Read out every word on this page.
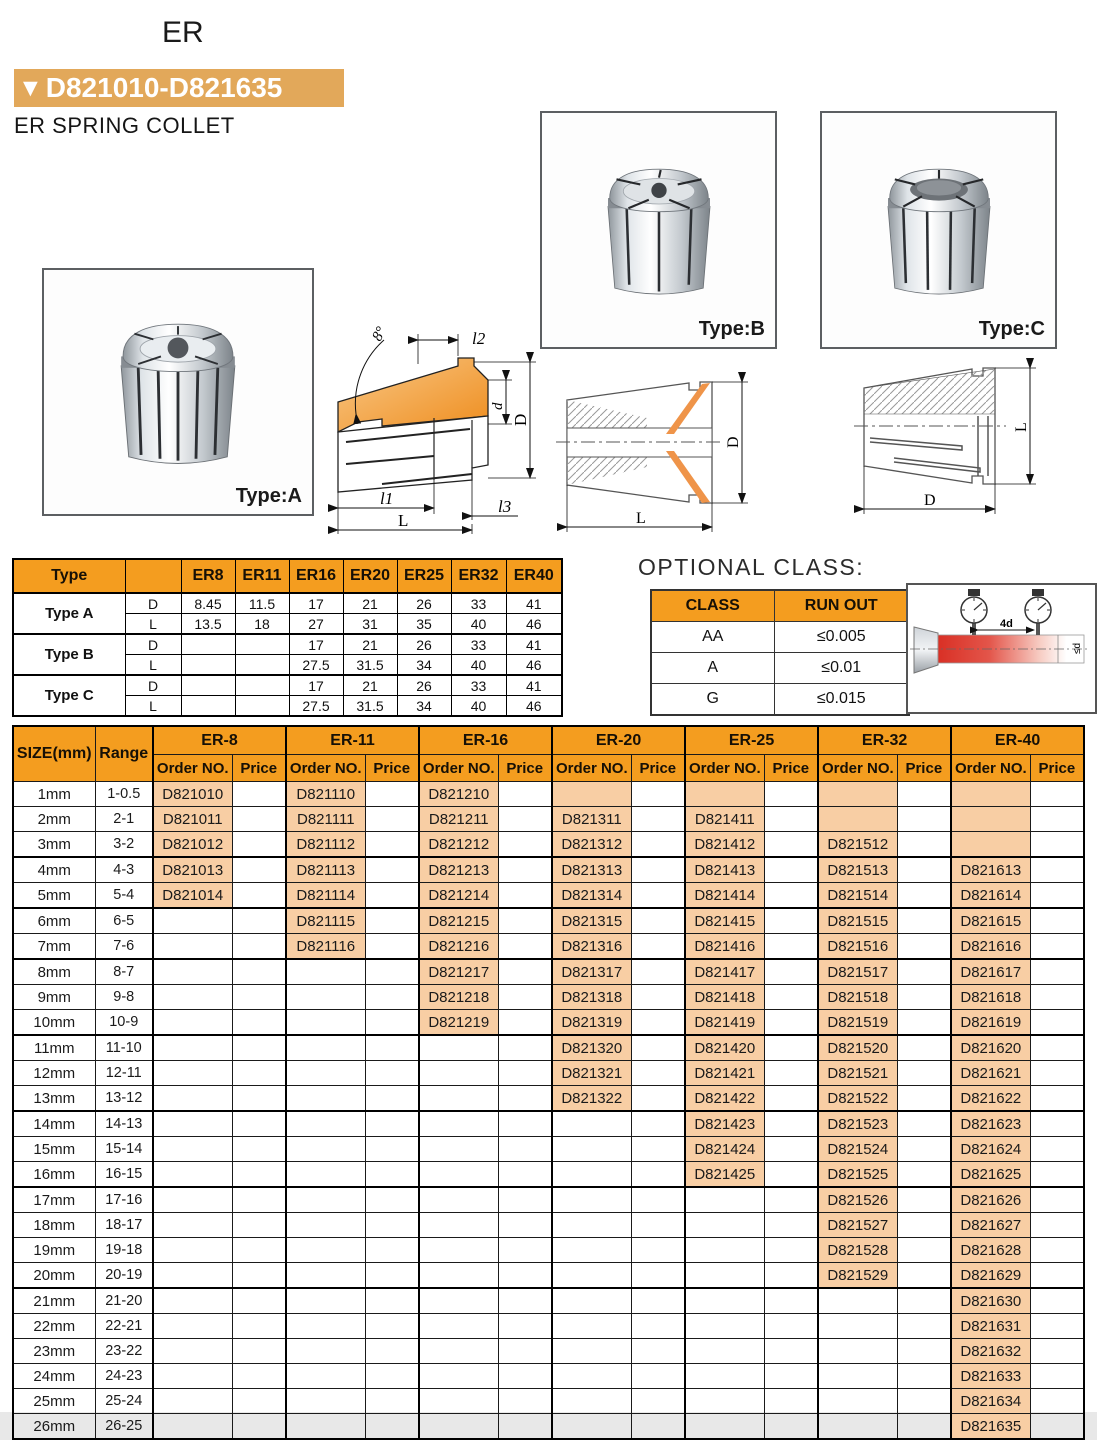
ER
▼ D821010-D821635
ER SPRING COLLET
Type:A
Type:B	Type:C
8°	l2
d
D
l1	l3
L
D
L
L
D
Type		ER8	ER11	ER16	ER20	ER25	ER32	ER40
Type A	D	8.45	11.5	17	21	26	33	41
	L	13.5	18	27	31	35	40	46
Type B	D			17	21	26	33	41
	L			27.5	31.5	34	40	46
Type C	D			17	21	26	33	41
	L			27.5	31.5	34	40	46
OPTIONAL CLASS:
CLASS	RUN OUT
AA	≤0.005
A	≤0.01
G	≤0.015
4d
≤d
SIZE(mm)	Range	ER-8		ER-11		ER-16		ER-20		ER-25		ER-32		ER-40	
		Order NO.	Price	Order NO.	Price	Order NO.	Price	Order NO.	Price	Order NO.	Price	Order NO.	Price	Order NO.	Price
1mm	1-0.5	D821010		D821110		D821210									
2mm	2-1	D821011		D821111		D821211		D821311		D821411					
3mm	3-2	D821012		D821112		D821212		D821312		D821412		D821512			
4mm	4-3	D821013		D821113		D821213		D821313		D821413		D821513		D821613	
5mm	5-4	D821014		D821114		D821214		D821314		D821414		D821514		D821614	
6mm	6-5			D821115		D821215		D821315		D821415		D821515		D821615	
7mm	7-6			D821116		D821216		D821316		D821416		D821516		D821616	
8mm	8-7					D821217		D821317		D821417		D821517		D821617	
9mm	9-8					D821218		D821318		D821418		D821518		D821618	
10mm	10-9					D821219		D821319		D821419		D821519		D821619	
11mm	11-10							D821320		D821420		D821520		D821620	
12mm	12-11							D821321		D821421		D821521		D821621	
13mm	13-12							D821322		D821422		D821522		D821622	
14mm	14-13									D821423		D821523		D821623	
15mm	15-14									D821424		D821524		D821624	
16mm	16-15									D821425		D821525		D821625	
17mm	17-16											D821526		D821626	
18mm	18-17											D821527		D821627	
19mm	19-18											D821528		D821628	
20mm	20-19											D821529		D821629	
21mm	21-20													D821630	
22mm	22-21													D821631	
23mm	23-22													D821632	
24mm	24-23													D821633	
25mm	25-24													D821634	
26mm	26-25													D821635	
